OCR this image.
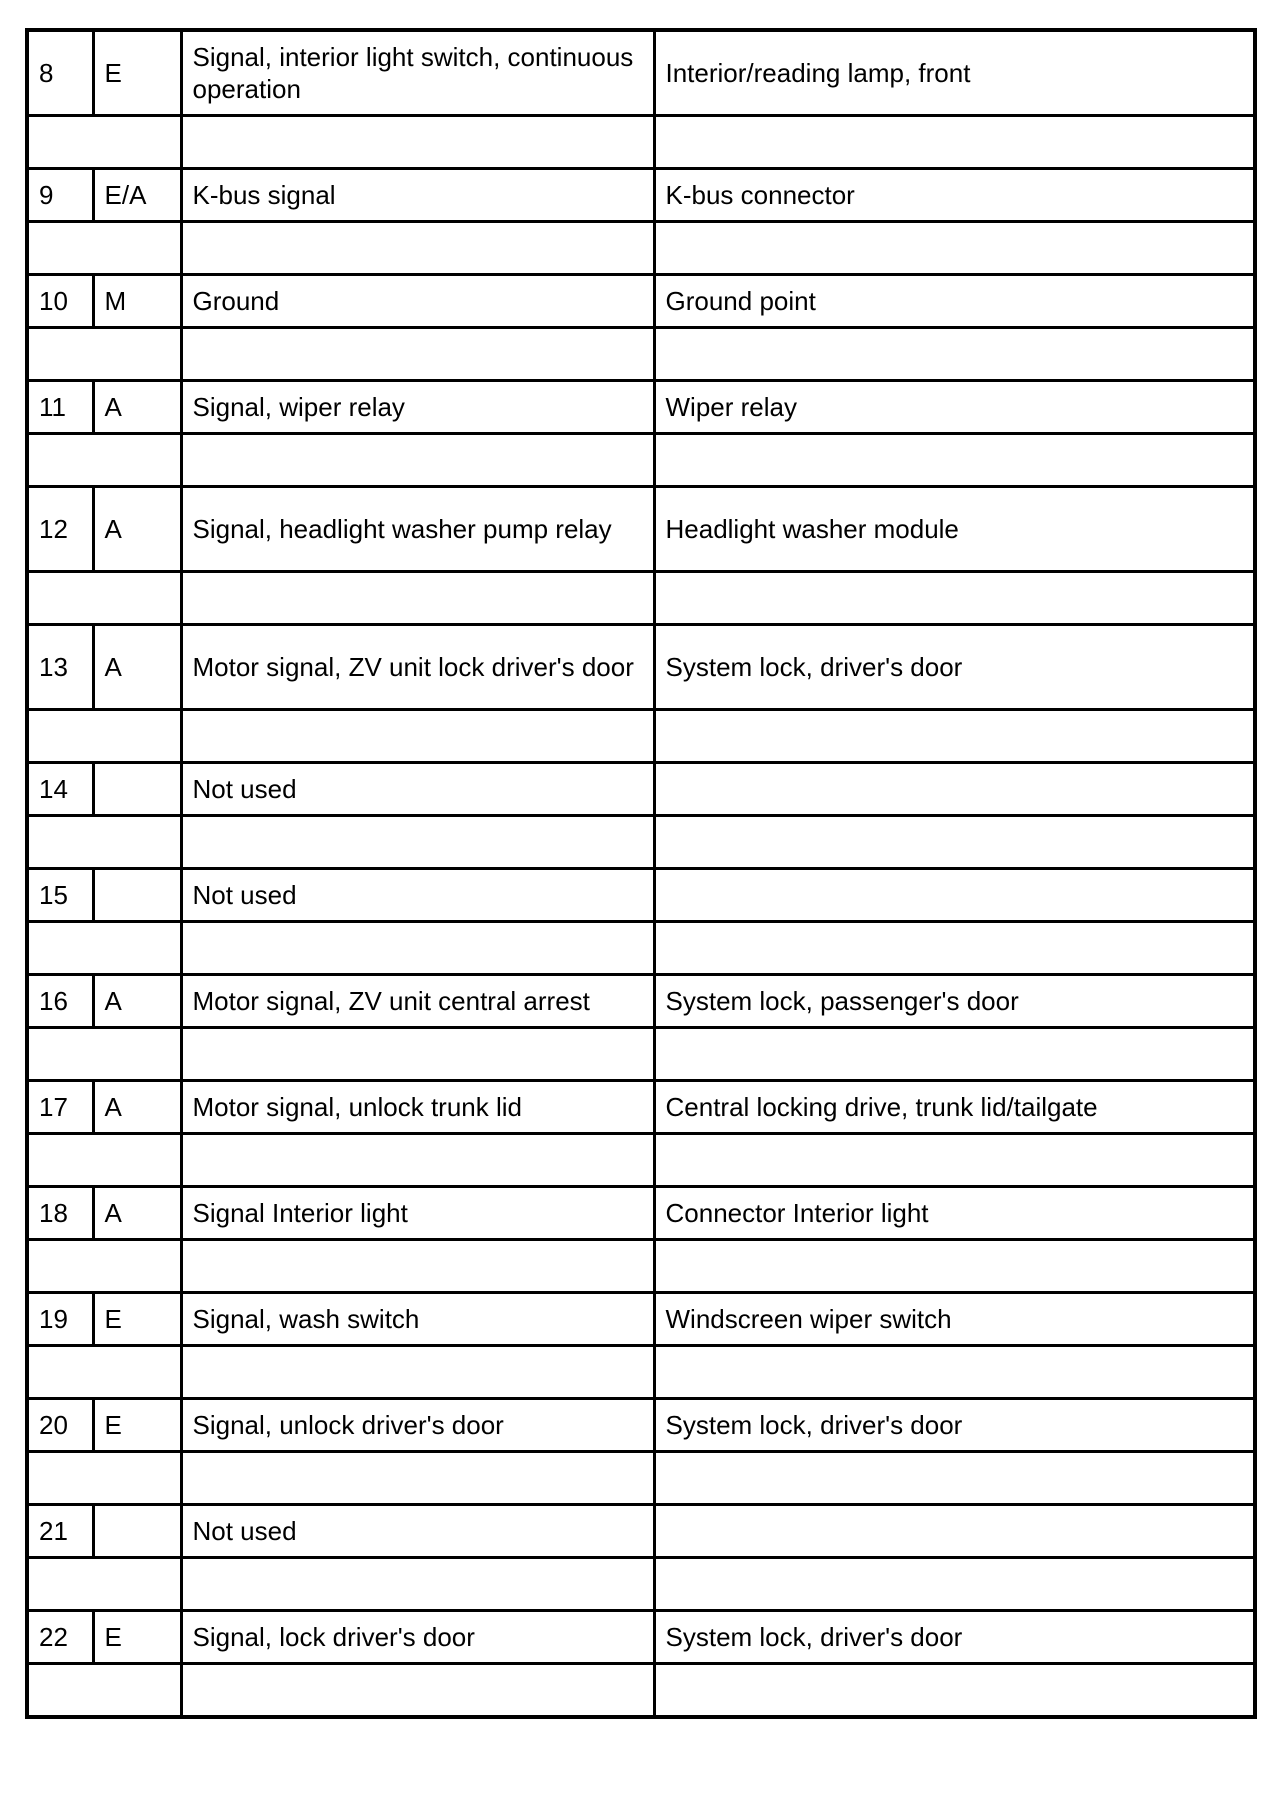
8	E	Signal, interior light switch, continuous operation	Interior/reading lamp, front

9	E/A	K-bus signal	K-bus connector

10	M	Ground	Ground point

11	A	Signal, wiper relay	Wiper relay

12	A	Signal, headlight washer pump relay	Headlight washer module

13	A	Motor signal, ZV unit lock driver's door	System lock, driver's door

14		Not used	

15		Not used	

16	A	Motor signal, ZV unit central arrest	System lock, passenger's door

17	A	Motor signal, unlock trunk lid	Central locking drive, trunk lid/tailgate

18	A	Signal Interior light	Connector Interior light

19	E	Signal, wash switch	Windscreen wiper switch

20	E	Signal, unlock driver's door	System lock, driver's door

21		Not used	

22	E	Signal, lock driver's door	System lock, driver's door
